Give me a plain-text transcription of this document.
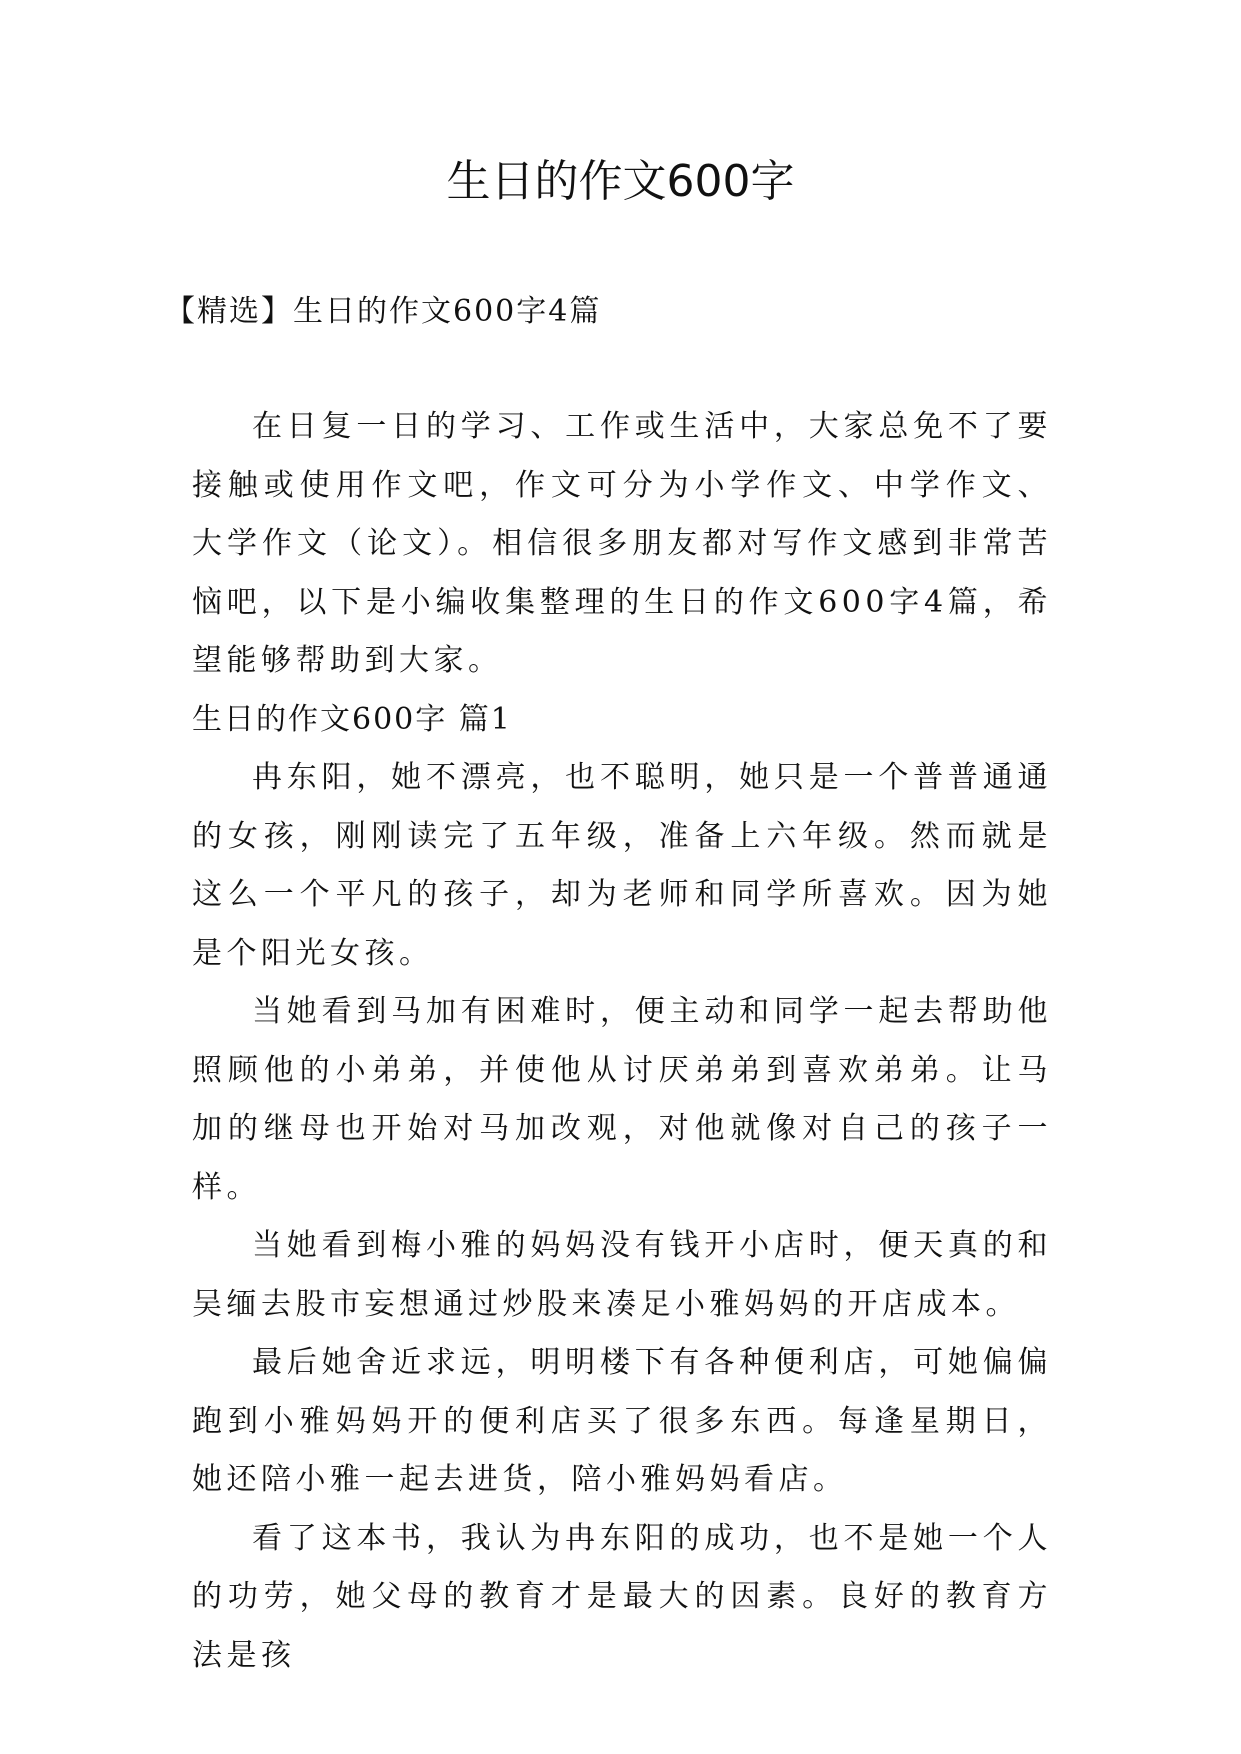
生日的作文600字
【精选】生日的作文600字4篇

在日复一日的学习、工作或生活中，大家总免不了要接触或使用作文吧，作文可分为小学作文、中学作文、大学作文（论文）。相信很多朋友都对写作文感到非常苦恼吧，以下是小编收集整理的生日的作文600字4篇，希望能够帮助到大家。

生日的作文600字 篇1

冉东阳，她不漂亮，也不聪明，她只是一个普普通通的女孩，刚刚读完了五年级，准备上六年级。然而就是这么一个平凡的孩子，却为老师和同学所喜欢。因为她是个阳光女孩。

当她看到马加有困难时，便主动和同学一起去帮助他照顾他的小弟弟，并使他从讨厌弟弟到喜欢弟弟。让马加的继母也开始对马加改观，对他就像对自己的孩子一样。

当她看到梅小雅的妈妈没有钱开小店时，便天真的和吴缅去股市妄想通过炒股来凑足小雅妈妈的开店成本。

最后她舍近求远，明明楼下有各种便利店，可她偏偏跑到小雅妈妈开的便利店买了很多东西。每逢星期日，她还陪小雅一起去进货，陪小雅妈妈看店。

看了这本书，我认为冉东阳的成功，也不是她一个人的功劳，她父母的教育才是最大的因素。良好的教育方法是孩
